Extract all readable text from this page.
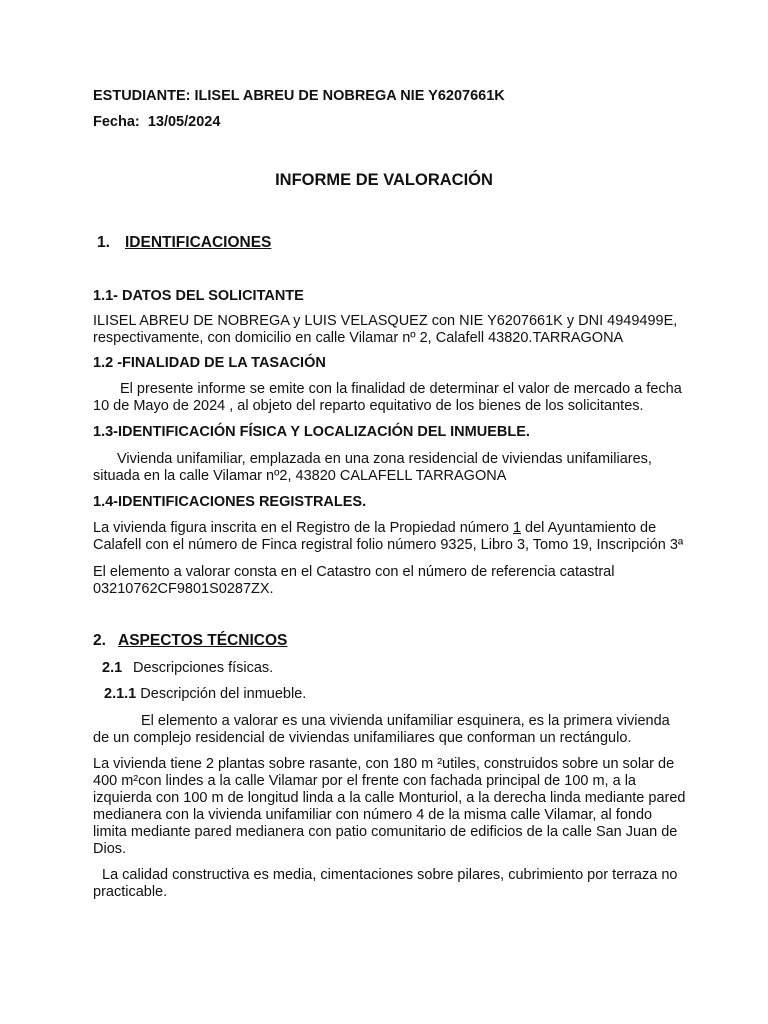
ESTUDIANTE: ILISEL ABREU DE NOBREGA NIE Y6207661K

Fecha: 13/05/2024

INFORME DE VALORACIÓN

1. IDENTIFICACIONES

1.1- DATOS DEL SOLICITANTE

ILISEL ABREU DE NOBREGA y LUIS VELASQUEZ con NIE Y6207661K y DNI 4949499E,

respectivamente, con domicilio en calle Vilamar nº 2, Calafell 43820.TARRAGONA

1.2 -FINALIDAD DE LA TASACIÓN

El presente informe se emite con la finalidad de determinar el valor de mercado a fecha

10 de Mayo de 2024 , al objeto del reparto equitativo de los bienes de los solicitantes.

1.3-IDENTIFICACIÓN FÍSICA Y LOCALIZACIÓN DEL INMUEBLE.

Vivienda unifamiliar, emplazada en una zona residencial de viviendas unifamiliares,

situada en la calle Vilamar nº2, 43820 CALAFELL TARRAGONA

1.4-IDENTIFICACIONES REGISTRALES.

La vivienda figura inscrita en el Registro de la Propiedad número 1 del Ayuntamiento de

Calafell con el número de Finca registral folio número 9325, Libro 3, Tomo 19, Inscripción 3ª

El elemento a valorar consta en el Catastro con el número de referencia catastral

03210762CF9801S0287ZX.

2. ASPECTOS TÉCNICOS

2.1 Descripciones físicas.

2.1.1 Descripción del inmueble.

El elemento a valorar es una vivienda unifamiliar esquinera, es la primera vivienda

de un complejo residencial de viviendas unifamiliares que conforman un rectángulo.

La vivienda tiene 2 plantas sobre rasante, con 180 m ²utiles, construidos sobre un solar de

400 m²con lindes a la calle Vilamar por el frente con fachada principal de 100 m, a la

izquierda con 100 m de longitud linda a la calle Monturiol, a la derecha linda mediante pared

medianera con la vivienda unifamiliar con número 4 de la misma calle Vilamar, al fondo

limita mediante pared medianera con patio comunitario de edificios de la calle San Juan de

Dios.

La calidad constructiva es media, cimentaciones sobre pilares, cubrimiento por terraza no

practicable.
